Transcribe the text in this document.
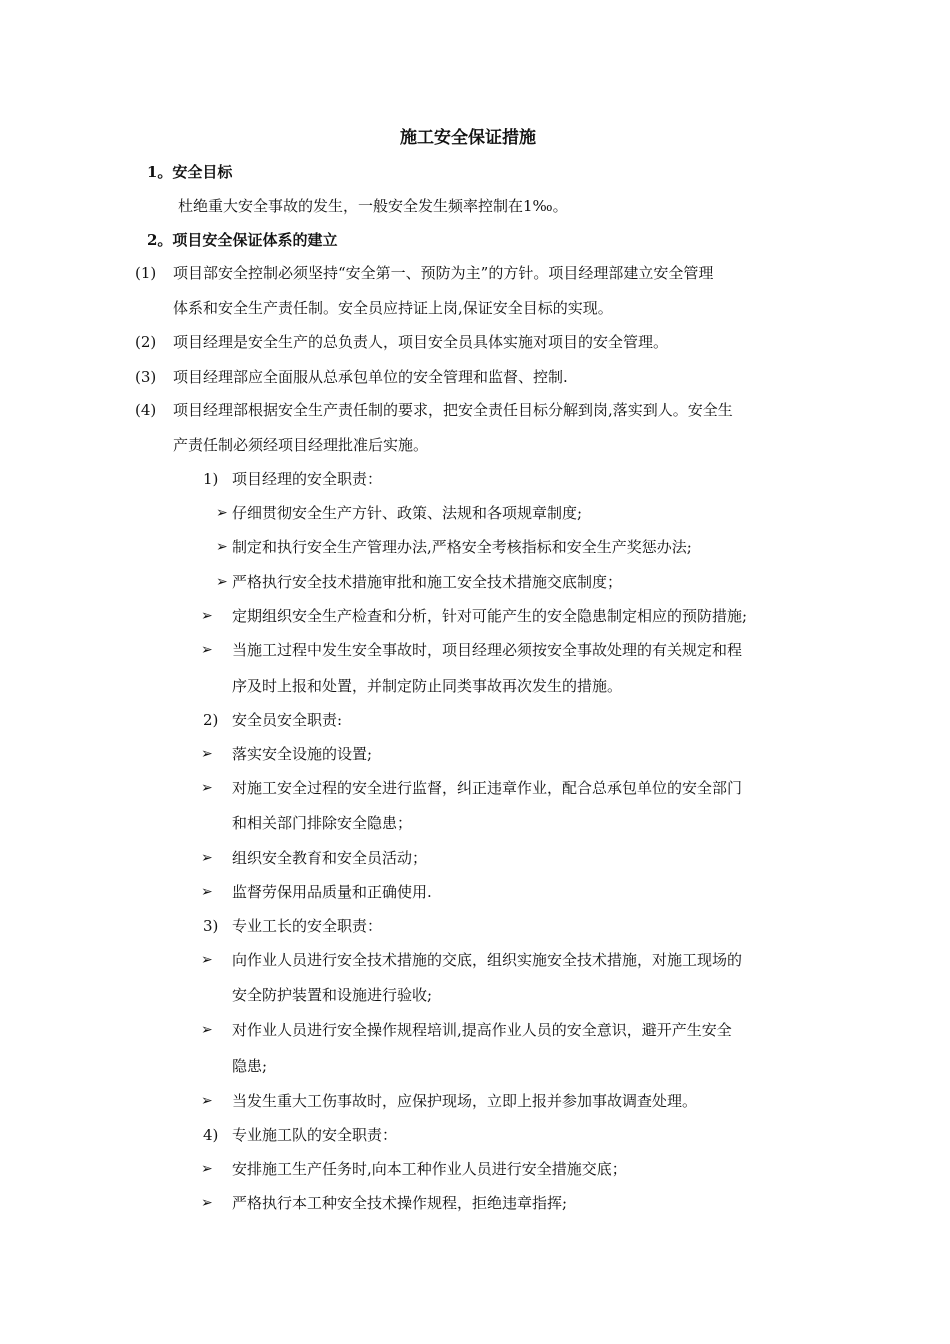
施工安全保证措施
1。安全目标
杜绝重大安全事故的发生，一般安全发生频率控制在1‰。
2。项目安全保证体系的建立
(1) 项目部安全控制必须坚持“安全第一、预防为主”的方针。项目经理部建立安全管理
体系和安全生产责任制。安全员应持证上岗,保证安全目标的实现。
(2) 项目经理是安全生产的总负责人，项目安全员具体实施对项目的安全管理。
(3) 项目经理部应全面服从总承包单位的安全管理和监督、控制.
(4) 项目经理部根据安全生产责任制的要求，把安全责任目标分解到岗,落实到人。安全生
产责任制必须经项目经理批准后实施。
1) 项目经理的安全职责：
➢ 仔细贯彻安全生产方针、政策、法规和各项规章制度;
➢ 制定和执行安全生产管理办法,严格安全考核指标和安全生产奖惩办法;
➢ 严格执行安全技术措施审批和施工安全技术措施交底制度；
➢ 定期组织安全生产检查和分析，针对可能产生的安全隐患制定相应的预防措施;
➢ 当施工过程中发生安全事故时，项目经理必须按安全事故处理的有关规定和程
序及时上报和处置，并制定防止同类事故再次发生的措施。
2) 安全员安全职责:
➢ 落实安全设施的设置;
➢ 对施工安全过程的安全进行监督，纠正违章作业，配合总承包单位的安全部门
和相关部门排除安全隐患；
➢ 组织安全教育和安全员活动；
➢ 监督劳保用品质量和正确使用.
3) 专业工长的安全职责：
➢ 向作业人员进行安全技术措施的交底，组织实施安全技术措施，对施工现场的
安全防护装置和设施进行验收;
➢ 对作业人员进行安全操作规程培训,提高作业人员的安全意识，避开产生安全
隐患;
➢ 当发生重大工伤事故时，应保护现场，立即上报并参加事故调查处理。
4) 专业施工队的安全职责：
➢ 安排施工生产任务时,向本工种作业人员进行安全措施交底；
➢ 严格执行本工种安全技术操作规程，拒绝违章指挥;
